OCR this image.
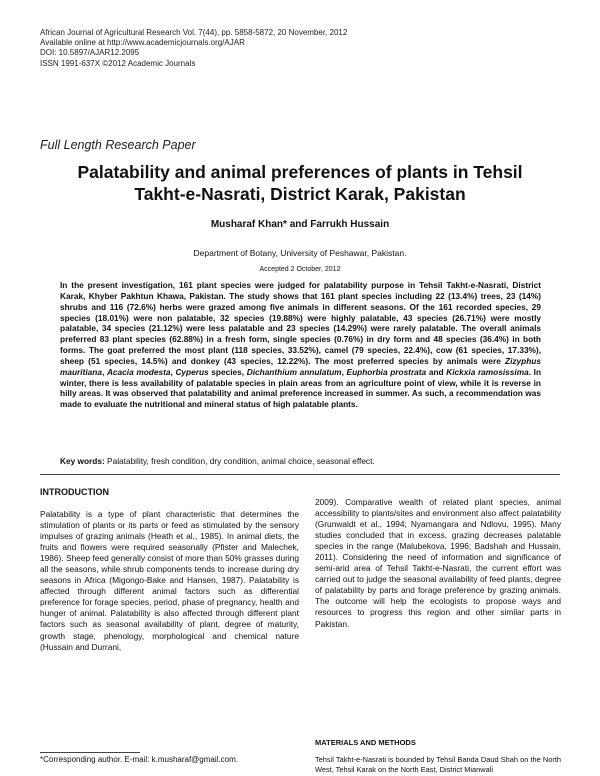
African Journal of Agricultural Research Vol. 7(44), pp. 5858-5872, 20 November, 2012
Available online at http://www.academicjournals.org/AJAR
DOI: 10.5897/AJAR12.2095
ISSN 1991-637X ©2012 Academic Journals
Full Length Research Paper
Palatability and animal preferences of plants in Tehsil
Takht-e-Nasrati, District Karak, Pakistan
Musharaf Khan* and Farrukh Hussain
Department of Botany, University of Peshawar, Pakistan.
Accepted 2 October, 2012
In the present investigation, 161 plant species were judged for palatability purpose in Tehsil Takht-e-Nasrati, District Karak, Khyber Pakhtun Khawa, Pakistan. The study shows that 161 plant species including 22 (13.4%) trees, 23 (14%) shrubs and 116 (72.6%) herbs were grazed among five animals in different seasons. Of the 161 recorded species, 29 species (18.01%) were non palatable, 32 species (19.88%) were highly palatable, 43 species (26.71%) were mostly palatable, 34 species (21.12%) were less palatable and 23 species (14.29%) were rarely palatable. The overall animals preferred 83 plant species (62.88%) in a fresh form, single species (0.76%) in dry form and 48 species (36.4%) in both forms. The goat preferred the most plant (118 species, 33.52%), camel (79 species, 22.4%), cow (61 species, 17.33%), sheep (51 species, 14.5%) and donkey (43 species, 12.22%). The most preferred species by animals were Zizyphus mauritiana, Acacia modesta, Cyperus species, Dichanthium annulatum, Euphorbia prostrata and Kickxia ramosissima. In winter, there is less availability of palatable species in plain areas from an agriculture point of view, while it is reverse in hilly areas. It was observed that palatability and animal preference increased in summer. As such, a recommendation was made to evaluate the nutritional and mineral status of high palatable plants.
Key words: Palatability, fresh condition, dry condition, animal choice, seasonal effect.
INTRODUCTION
Palatability is a type of plant characteristic that determines the stimulation of plants or its parts or feed as stimulated by the sensory impulses of grazing animals (Heath et al., 1985). In animal diets, the fruits and flowers were required seasonally (Pfister and Malechek, 1986). Sheep feed generally consist of more than 50% grasses during all the seasons, while shrub components tends to increase during dry seasons in Africa (Migongo-Bake and Hansen, 1987). Palatability is affected through different animal factors such as differential preference for forage species, period, phase of pregnancy, health and hunger of animal. Palatability is also affected through different plant factors such as seasonal availability of plant, degree of maturity, growth stage, phenology, morphological and chemical nature (Hussain and Durrani,
2009). Comparative wealth of related plant species, animal accessibility to plants/sites and environment also affect palatability (Grunwaldt et al., 1994; Nyamangara and Ndlovu, 1995). Many studies concluded that in excess, grazing decreases palatable species in the range (Malubekova, 1996; Badshah and Hussain, 2011). Considering the need of information and significance of semi-arid area of Tehsil Takht-e-Nasrati, the current effort was carried out to judge the seasonal availability of feed plants, degree of palatability by parts and forage preference by grazing animals. The outcome will help the ecologists to propose ways and resources to progress this region and other similar parts in Pakistan.
MATERIALS AND METHODS
Tehsil Takht-e-Nasrati is bounded by Tehsil Banda Daud Shah on the North West, Tehsil Karak on the North East, District Mianwali
*Corresponding author. E-mail: k.musharaf@gmail.com.
